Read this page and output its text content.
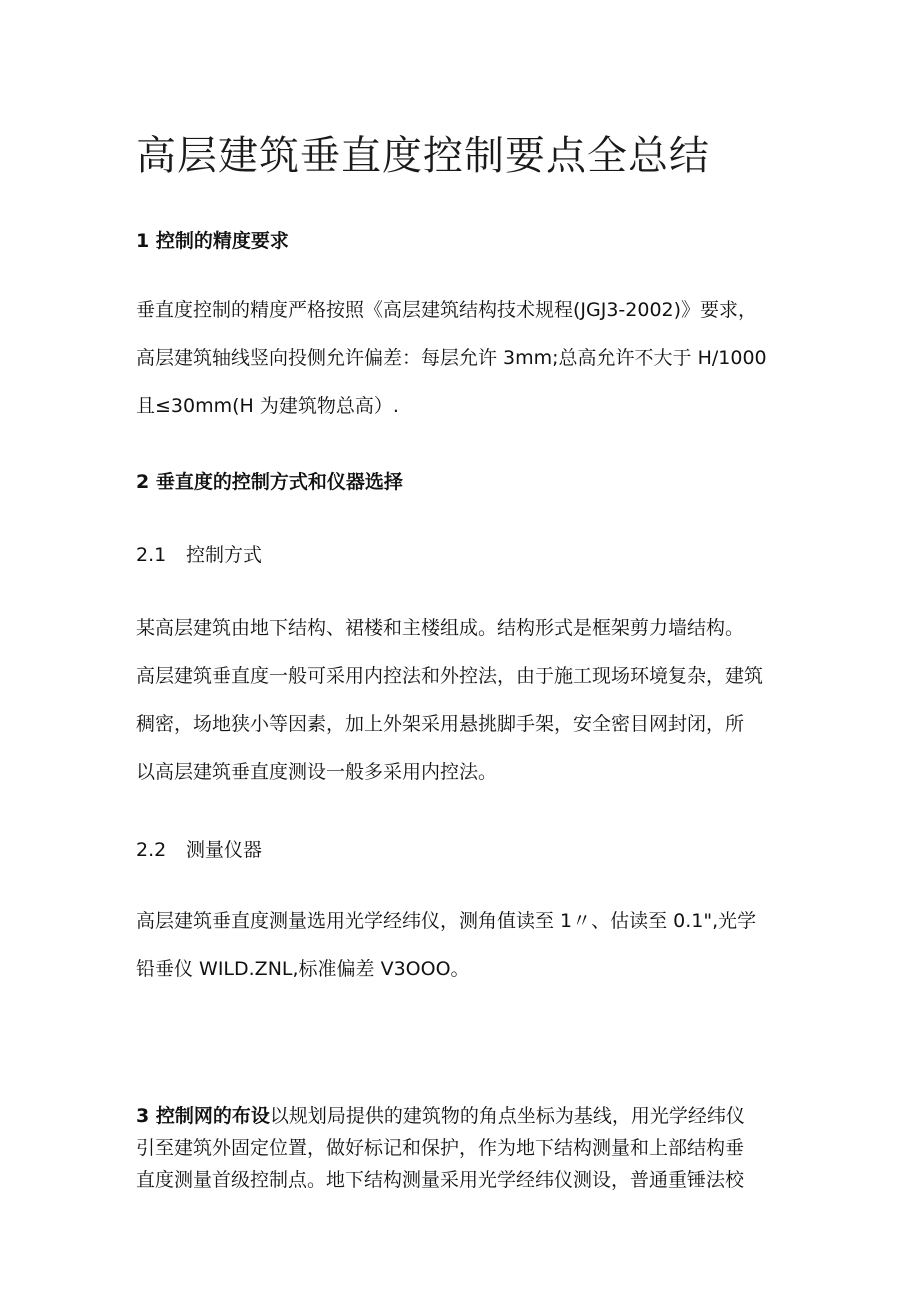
高层建筑垂直度控制要点全总结
1 控制的精度要求
垂直度控制的精度严格按照《高层建筑结构技术规程(JGJ3-2002)》要求，
高层建筑轴线竖向投侧允许偏差：每层允许 3mm;总高允许不大于 H/1000
且≤30mm(H 为建筑物总高）.
2 垂直度的控制方式和仪器选择
2.1 控制方式
某高层建筑由地下结构、裙楼和主楼组成。结构形式是框架剪力墙结构。
高层建筑垂直度一般可采用内控法和外控法，由于施工现场环境复杂，建筑
稠密，场地狭小等因素，加上外架采用悬挑脚手架，安全密目网封闭，所
以高层建筑垂直度测设一般多采用内控法。
2.2 测量仪器
高层建筑垂直度测量选用光学经纬仪，测角值读至 1〃、估读至 0.1",光学
铅垂仪 WILD.ZNL,标准偏差 Ⅴ3OOO。
3 控制网的布设以规划局提供的建筑物的角点坐标为基线，用光学经纬仪
引至建筑外固定位置，做好标记和保护，作为地下结构测量和上部结构垂
直度测量首级控制点。地下结构测量采用光学经纬仪测设，普通重锤法校
